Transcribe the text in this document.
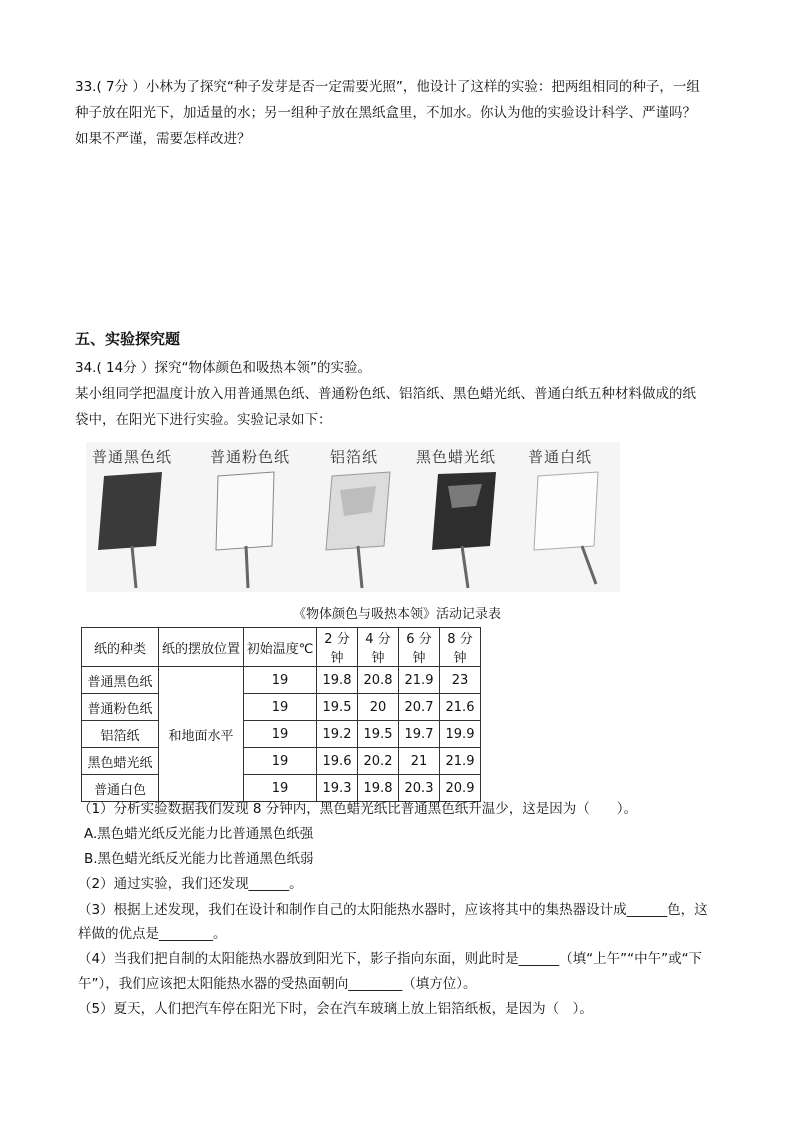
33.( 7分 ）小林为了探究“种子发芽是否一定需要光照”，他设计了这样的实验：把两组相同的种子，一组
种子放在阳光下，加适量的水；另一组种子放在黑纸盒里，不加水。你认为他的实验设计科学、严谨吗？
如果不严谨，需要怎样改进？
五、实验探究题
34.( 14分 ）探究“物体颜色和吸热本领”的实验。
某小组同学把温度计放入用普通黑色纸、普通粉色纸、铝箔纸、黑色蜡光纸、普通白纸五种材料做成的纸
袋中，在阳光下进行实验。实验记录如下：
普通黑色纸	普通粉色纸	铝箔纸	黑色蜡光纸 普通白纸
《物体颜色与吸热本领》活动记录表
纸的种类	纸的摆放位置	初始温度℃	2 分钟	4 分钟	6 分钟	8 分钟
普通黑色纸	和地面水平	19	19.8	20.8	21.9	23
普通粉色纸		19	19.5	20	20.7	21.6
铝箔纸		19	19.2	19.5	19.7	19.9
黑色蜡光纸		19	19.6	20.2	21	21.9
普通白色		19	19.3	19.8	20.3	20.9
（1）分析实验数据我们发现 8 分钟内，黑色蜡光纸比普通黑色纸升温少，这是因为（　　）。
A.黑色蜡光纸反光能力比普通黑色纸强
B.黑色蜡光纸反光能力比普通黑色纸弱
（2）通过实验，我们还发现______。
（3）根据上述发现，我们在设计和制作自己的太阳能热水器时，应该将其中的集热器设计成______色，这
样做的优点是________。
（4）当我们把自制的太阳能热水器放到阳光下，影子指向东面，则此时是______（填“上午”“中午”或“下
午”），我们应该把太阳能热水器的受热面朝向________（填方位）。
（5）夏天，人们把汽车停在阳光下时，会在汽车玻璃上放上铝箔纸板，是因为（　）。
